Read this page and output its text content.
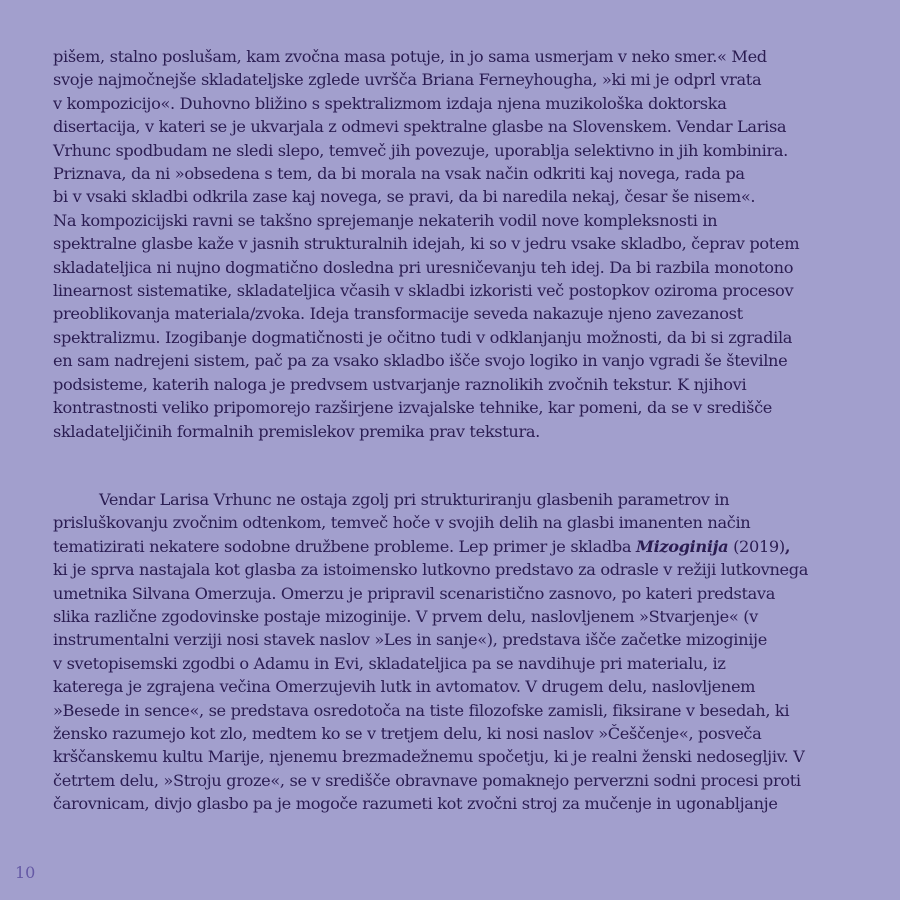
pišem, stalno poslušam, kam zvočna masa potuje, in jo sama usmerjam v neko smer.« Med
svoje najmočnejše skladateljske zglede uvršča Briana Ferneyhougha, »ki mi je odprl vrata
v kompozicijo«. Duhovno bližino s spektralizmom izdaja njena muzikološka doktorska
disertacija, v kateri se je ukvarjala z odmevi spektralne glasbe na Slovenskem. Vendar Larisa
Vrhunc spodbudam ne sledi slepo, temveč jih povezuje, uporablja selektivno in jih kombinira.
Priznava, da ni »obsedena s tem, da bi morala na vsak način odkriti kaj novega, rada pa
bi v vsaki skladbi odkrila zase kaj novega, se pravi, da bi naredila nekaj, česar še nisem«.
Na kompozicijski ravni se takšno sprejemanje nekaterih vodil nove kompleksnosti in
spektralne glasbe kaže v jasnih strukturalnih idejah, ki so v jedru vsake skladbo, čeprav potem
skladateljica ni nujno dogmatično dosledna pri uresničevanju teh idej. Da bi razbila monotono
linearnost sistematike, skladateljica včasih v skladbi izkoristi več postopkov oziroma procesov
preoblikovanja materiala/zvoka. Ideja transformacije seveda nakazuje njeno zavezanost
spektralizmu. Izogibanje dogmatičnosti je očitno tudi v odklanjanju možnosti, da bi si zgradila
en sam nadrejeni sistem, pač pa za vsako skladbo išče svojo logiko in vanjo vgradi še številne
podsisteme, katerih naloga je predvsem ustvarjanje raznolikih zvočnih tekstur. K njihovi
kontrastnosti veliko pripomorejo razširjene izvajalske tehnike, kar pomeni, da se v središče
skladateljičinih formalnih premislekov premika prav tekstura.
Vendar Larisa Vrhunc ne ostaja zgolj pri strukturiranju glasbenih parametrov in
prisluškovanju zvočnim odtenkom, temveč hoče v svojih delih na glasbi imanenten način
tematizirati nekatere sodobne družbene probleme. Lep primer je skladba Mizoginija (2019),
ki je sprva nastajala kot glasba za istoimensko lutkovno predstavo za odrasle v režiji lutkovnega
umetnika Silvana Omerzuja. Omerzu je pripravil scenaristično zasnovo, po kateri predstava
slika različne zgodovinske postaje mizoginije. V prvem delu, naslovljenem »Stvarjenje« (v
instrumentalni verziji nosi stavek naslov »Les in sanje«), predstava išče začetke mizoginije
v svetopisemski zgodbi o Adamu in Evi, skladateljica pa se navdihuje pri materialu, iz
katerega je zgrajena večina Omerzujevih lutk in avtomatov. V drugem delu, naslovljenem
»Besede in sence«, se predstava osredotoča na tiste filozofske zamisli, fiksirane v besedah, ki
žensko razumejo kot zlo, medtem ko se v tretjem delu, ki nosi naslov »Češčenje«, posveča
krščanskemu kultu Marije, njenemu brezmadežnemu spočetju, ki je realni ženski nedosegljiv. V
četrtem delu, »Stroju groze«, se v središče obravnave pomaknejo perverzni sodni procesi proti
čarovnicam, divjo glasbo pa je mogoče razumeti kot zvočni stroj za mučenje in ugonabljanje
10
